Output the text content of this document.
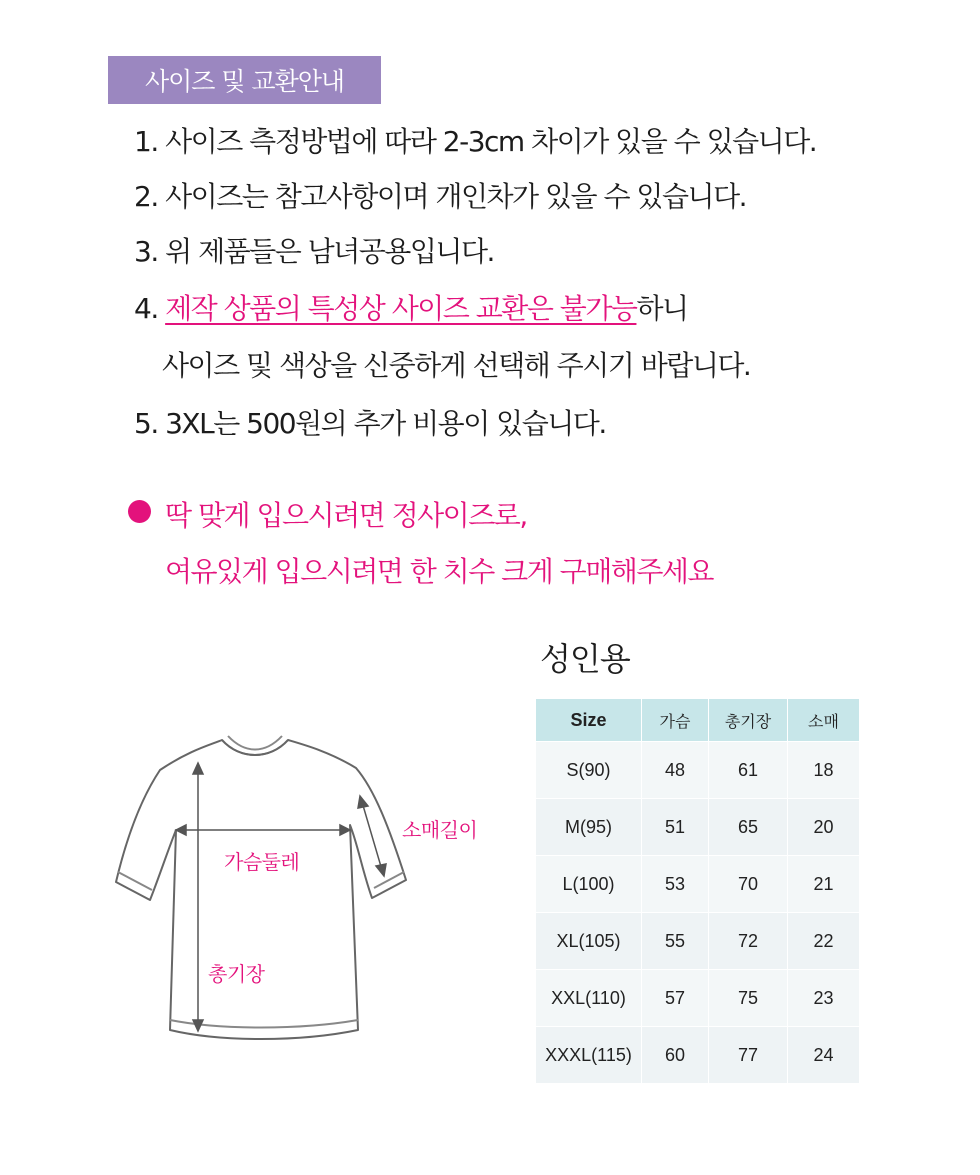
사이즈 및 교환안내
1. 사이즈 측정방법에 따라 2-3cm 차이가 있을 수 있습니다.
2. 사이즈는 참고사항이며 개인차가 있을 수 있습니다.
3. 위 제품들은 남녀공용입니다.
4. 제작 상품의 특성상 사이즈 교환은 불가능하니
사이즈 및 색상을 신중하게 선택해 주시기 바랍니다.
5. 3XL는 500원의 추가 비용이 있습니다.
딱 맞게 입으시려면 정사이즈로,
여유있게 입으시려면 한 치수 크게 구매해주세요
가슴둘레
총기장
소매길이
성인용
Size	가슴	총기장	소매
S(90)	48	61	18
M(95)	51	65	20
L(100)	53	70	21
XL(105)	55	72	22
XXL(110)	57	75	23
XXXL(115)	60	77	24
